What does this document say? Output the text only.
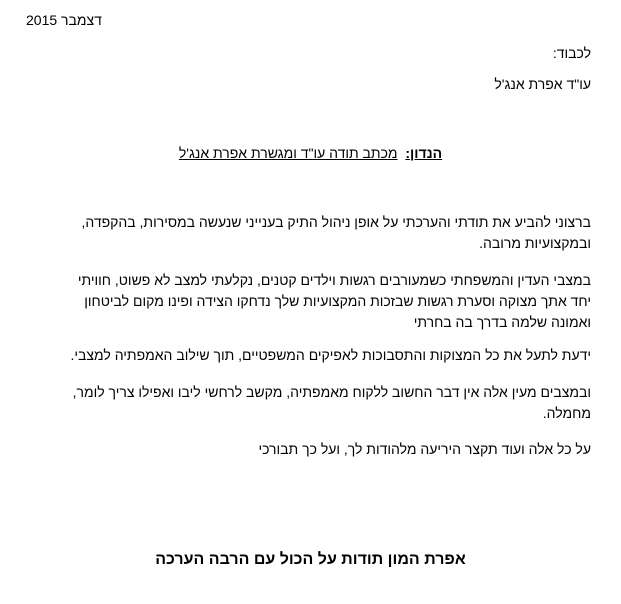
דצמבר 2015
לכבוד:
עו"ד אפרת אנג'ל
הנדון:  מכתב תודה עו"ד ומגשרת אפרת אנג'ל
ברצוני להביע את תודתי והערכתי על אופן ניהול התיק בענייני שנעשה במסירות, בהקפדה,
ובמקצועיות מרובה.
במצבי העדין והמשפחתי כשמעורבים רגשות וילדים קטנים, נקלעתי למצב לא פשוט, חוויתי
יחד אתך מצוקה וסערת רגשות שבזכות המקצועיות שלך נדחקו הצידה ופינו מקום לביטחון
ואמונה שלמה בדרך בה בחרתי
ידעת לתעל את כל המצוקות והתסבוכות לאפיקים המשפטיים, תוך שילוב האמפתיה למצבי.
ובמצבים מעין אלה אין דבר החשוב ללקוח מאמפתיה, מקשב לרחשי ליבו ואפילו צריך לומר,
מחמלה.
על כל אלה ועוד תקצר היריעה מלהודות לך, ועל כך תבורכי
אפרת המון תודות על הכול עם הרבה הערכה
